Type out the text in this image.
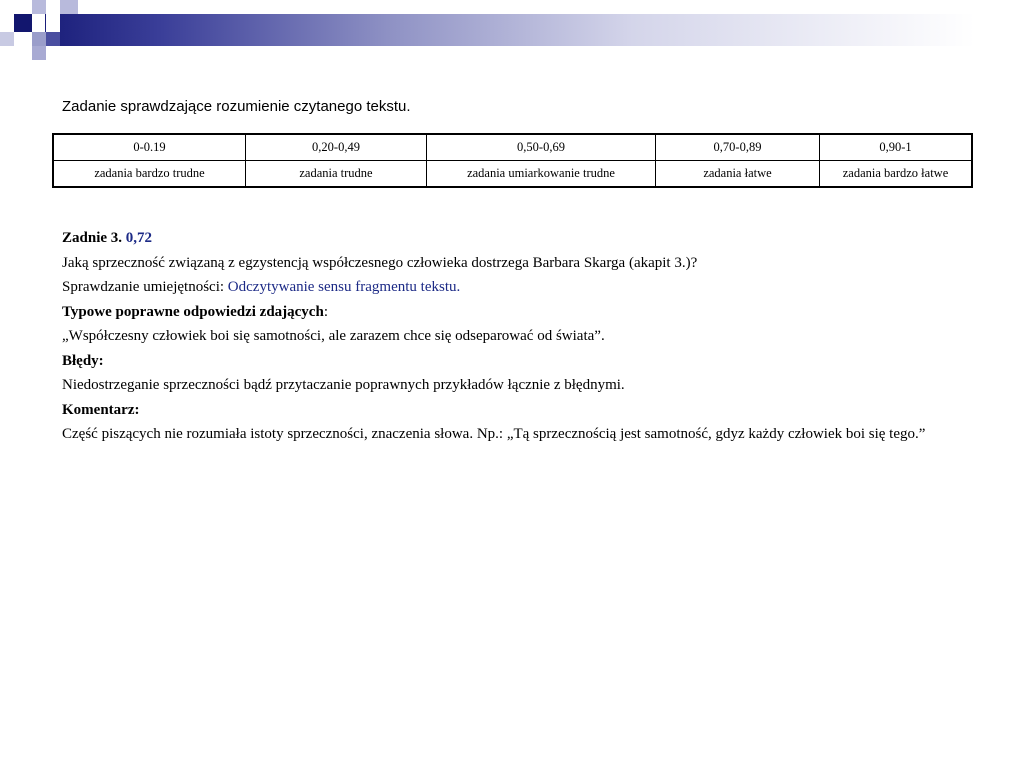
Zadanie sprawdzające rozumienie czytanego tekstu.
0-0.19	0,20-0,49	0,50-0,69	0,70-0,89	0,90-1
zadania bardzo trudne	zadania trudne	zadania umiarkowanie trudne	zadania łatwe	zadania bardzo łatwe

Zadnie 3. 0,72

Jaką sprzeczność związaną z egzystencją współczesnego człowieka dostrzega Barbara Skarga (akapit 3.)?

Sprawdzanie umiejętności: Odczytywanie sensu fragmentu tekstu.

Typowe poprawne odpowiedzi zdających:

„Współczesny człowiek boi się samotności, ale zarazem chce się odseparować od świata”.

Błędy:

Niedostrzeganie sprzeczności bądź przytaczanie poprawnych przykładów łącznie z błędnymi.

Komentarz:

Część piszących nie rozumiała istoty sprzeczności, znaczenia słowa. Np.: „Tą sprzecznością jest samotność, gdyz każdy człowiek boi się tego.”
